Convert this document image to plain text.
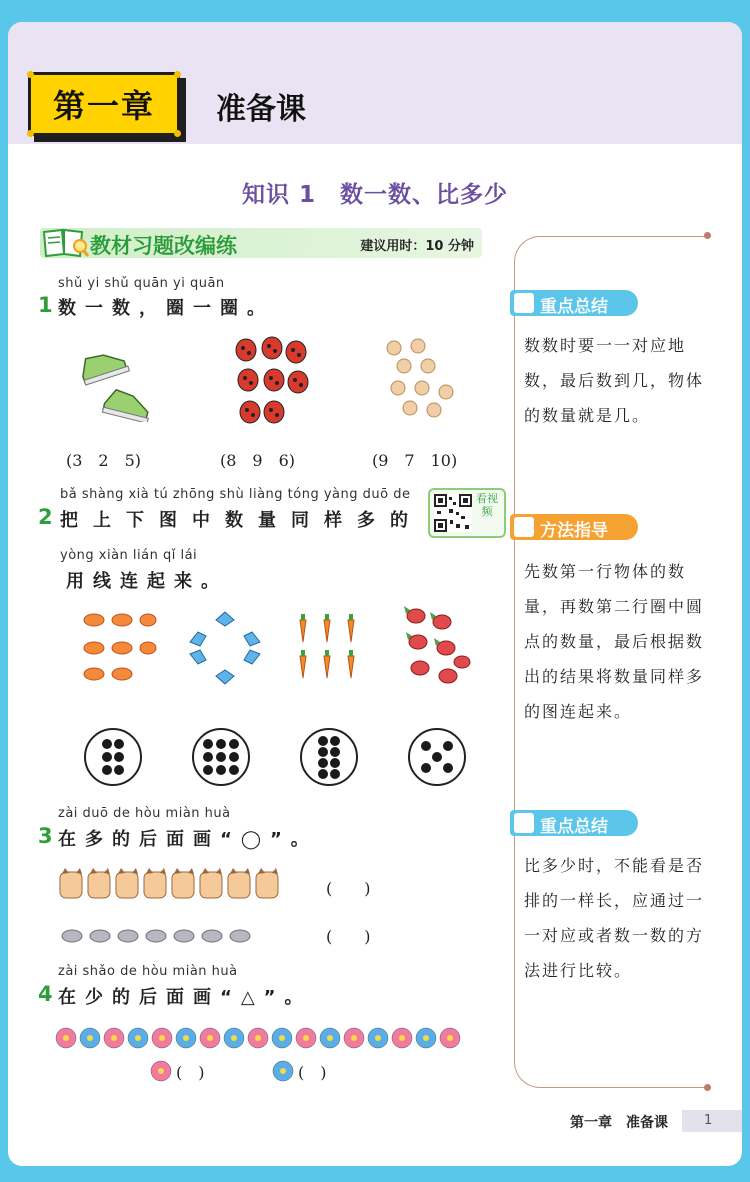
第一章 准备课
知识 1　数一数、比多少
教材习题改编练	建议用时：10 分钟
shǔ yi shǔ quān yi quān
1 数一数，圈一圈。
(3　2　5)	(8　9　6)	(9　7　10)
bǎ shàng xià tú zhōng shù liàng tóng yàng duō de
2 把上下图中数量同样多的
看视频
yòng xiàn lián qǐ lái
用线连起来。
zài duō de hòu miàn huà
3 在多的后面画“◯”。
(　　)
(　　)
zài shǎo de hòu miàn huà
4 在少的后面画“△”。
(　)	(　)
重点总结
数数时要一一对应地数，最后数到几，物体的数量就是几。
方法指导
先数第一行物体的数量，再数第二行圈中圆点的数量，最后根据数出的结果将数量同样多的图连起来。
重点总结
比多少时，不能看是否排的一样长，应通过一一对应或者数一数的方法进行比较。
第一章　准备课	1
